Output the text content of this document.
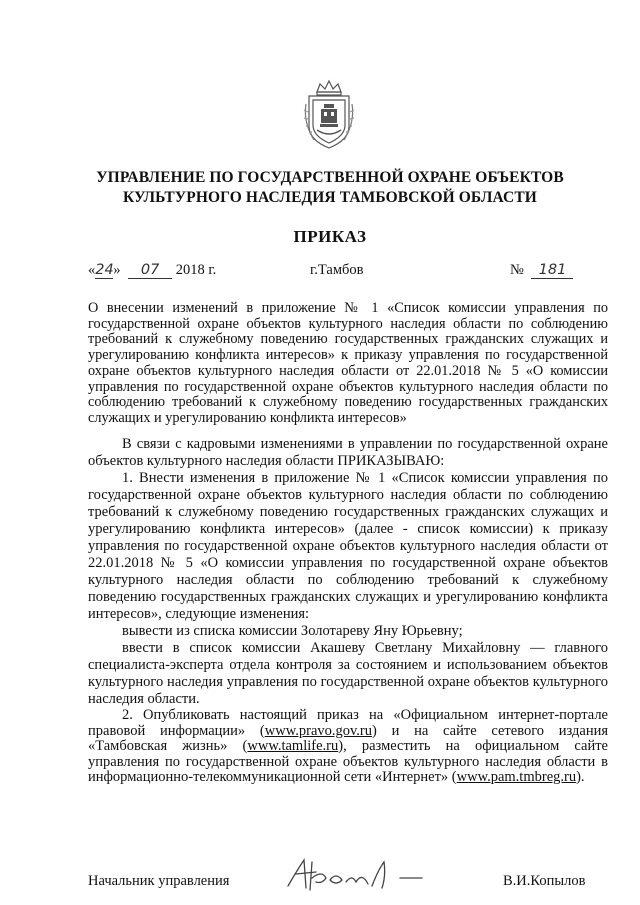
УПРАВЛЕНИЕ ПО ГОСУДАРСТВЕННОЙ ОХРАНЕ ОБЪЕКТОВ
КУЛЬТУРНОГО НАСЛЕДИЯ ТАМБОВСКОЙ ОБЛАСТИ
ПРИКАЗ
«24» 07 2018 г.	г.Тамбов	№ 181
О внесении изменений в приложение № 1 «Список комиссии управления по государственной охране объектов культурного наследия области по соблюдению требований к служебному поведению государственных гражданских служащих и урегулированию конфликта интересов» к приказу управления по государственной охране объектов культурного наследия области от 22.01.2018 № 5 «О комиссии управления по государственной охране объектов культурного наследия области по соблюдению требований к служебному поведению государственных гражданских служащих и урегулированию конфликта интересов»

В связи с кадровыми изменениями в управлении по государственной охране объектов культурного наследия области ПРИКАЗЫВАЮ:

1. Внести изменения в приложение № 1 «Список комиссии управления по государственной охране объектов культурного наследия области по соблюдению требований к служебному поведению государственных гражданских служащих и урегулированию конфликта интересов» (далее - список комиссии) к приказу управления по государственной охране объектов культурного наследия области от 22.01.2018 № 5 «О комиссии управления по государственной охране объектов культурного наследия области по соблюдению требований к служебному поведению государственных гражданских служащих и урегулированию конфликта интересов», следующие изменения:

вывести из списка комиссии Золотареву Яну Юрьевну;

ввести в список комиссии Акашеву Светлану Михайловну — главного специалиста-эксперта отдела контроля за состоянием и использованием объектов культурного наследия управления по государственной охране объектов культурного наследия области.

2. Опубликовать настоящий приказ на «Официальном интернет-портале правовой информации» (www.pravo.gov.ru) и на сайте сетевого издания «Тамбовская жизнь» (www.tamlife.ru), разместить на официальном сайте управления по государственной охране объектов культурного наследия области в информационно-телекоммуникационной сети «Интернет» (www.pam.tmbreg.ru).

Начальник управления	В.И.Копылов
